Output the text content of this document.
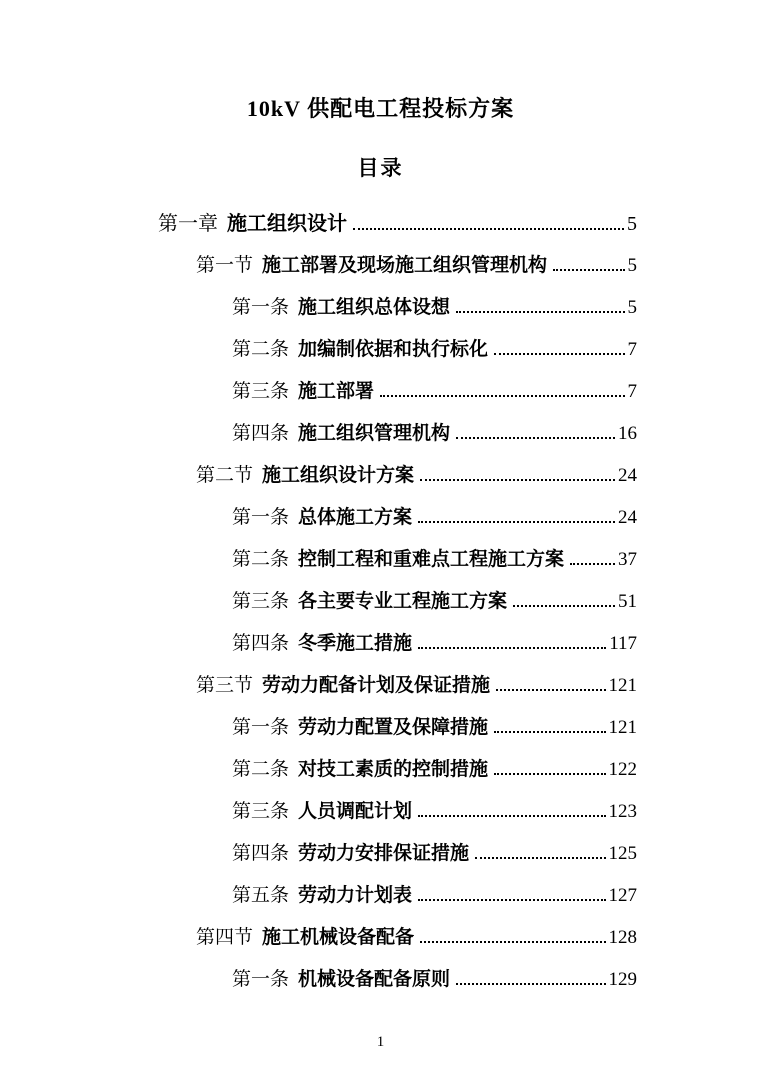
10kV 供配电工程投标方案
目录
第一章 施工组织设计	5
第一节 施工部署及现场施工组织管理机构	5
第一条 施工组织总体设想	5
第二条 加编制依据和执行标化	7
第三条 施工部署	7
第四条 施工组织管理机构	16
第二节 施工组织设计方案	24
第一条 总体施工方案	24
第二条 控制工程和重难点工程施工方案	37
第三条 各主要专业工程施工方案	51
第四条 冬季施工措施	117
第三节 劳动力配备计划及保证措施	121
第一条 劳动力配置及保障措施	121
第二条 对技工素质的控制措施	122
第三条 人员调配计划	123
第四条 劳动力安排保证措施	125
第五条 劳动力计划表	127
第四节 施工机械设备配备	128
第一条 机械设备配备原则	129
1
